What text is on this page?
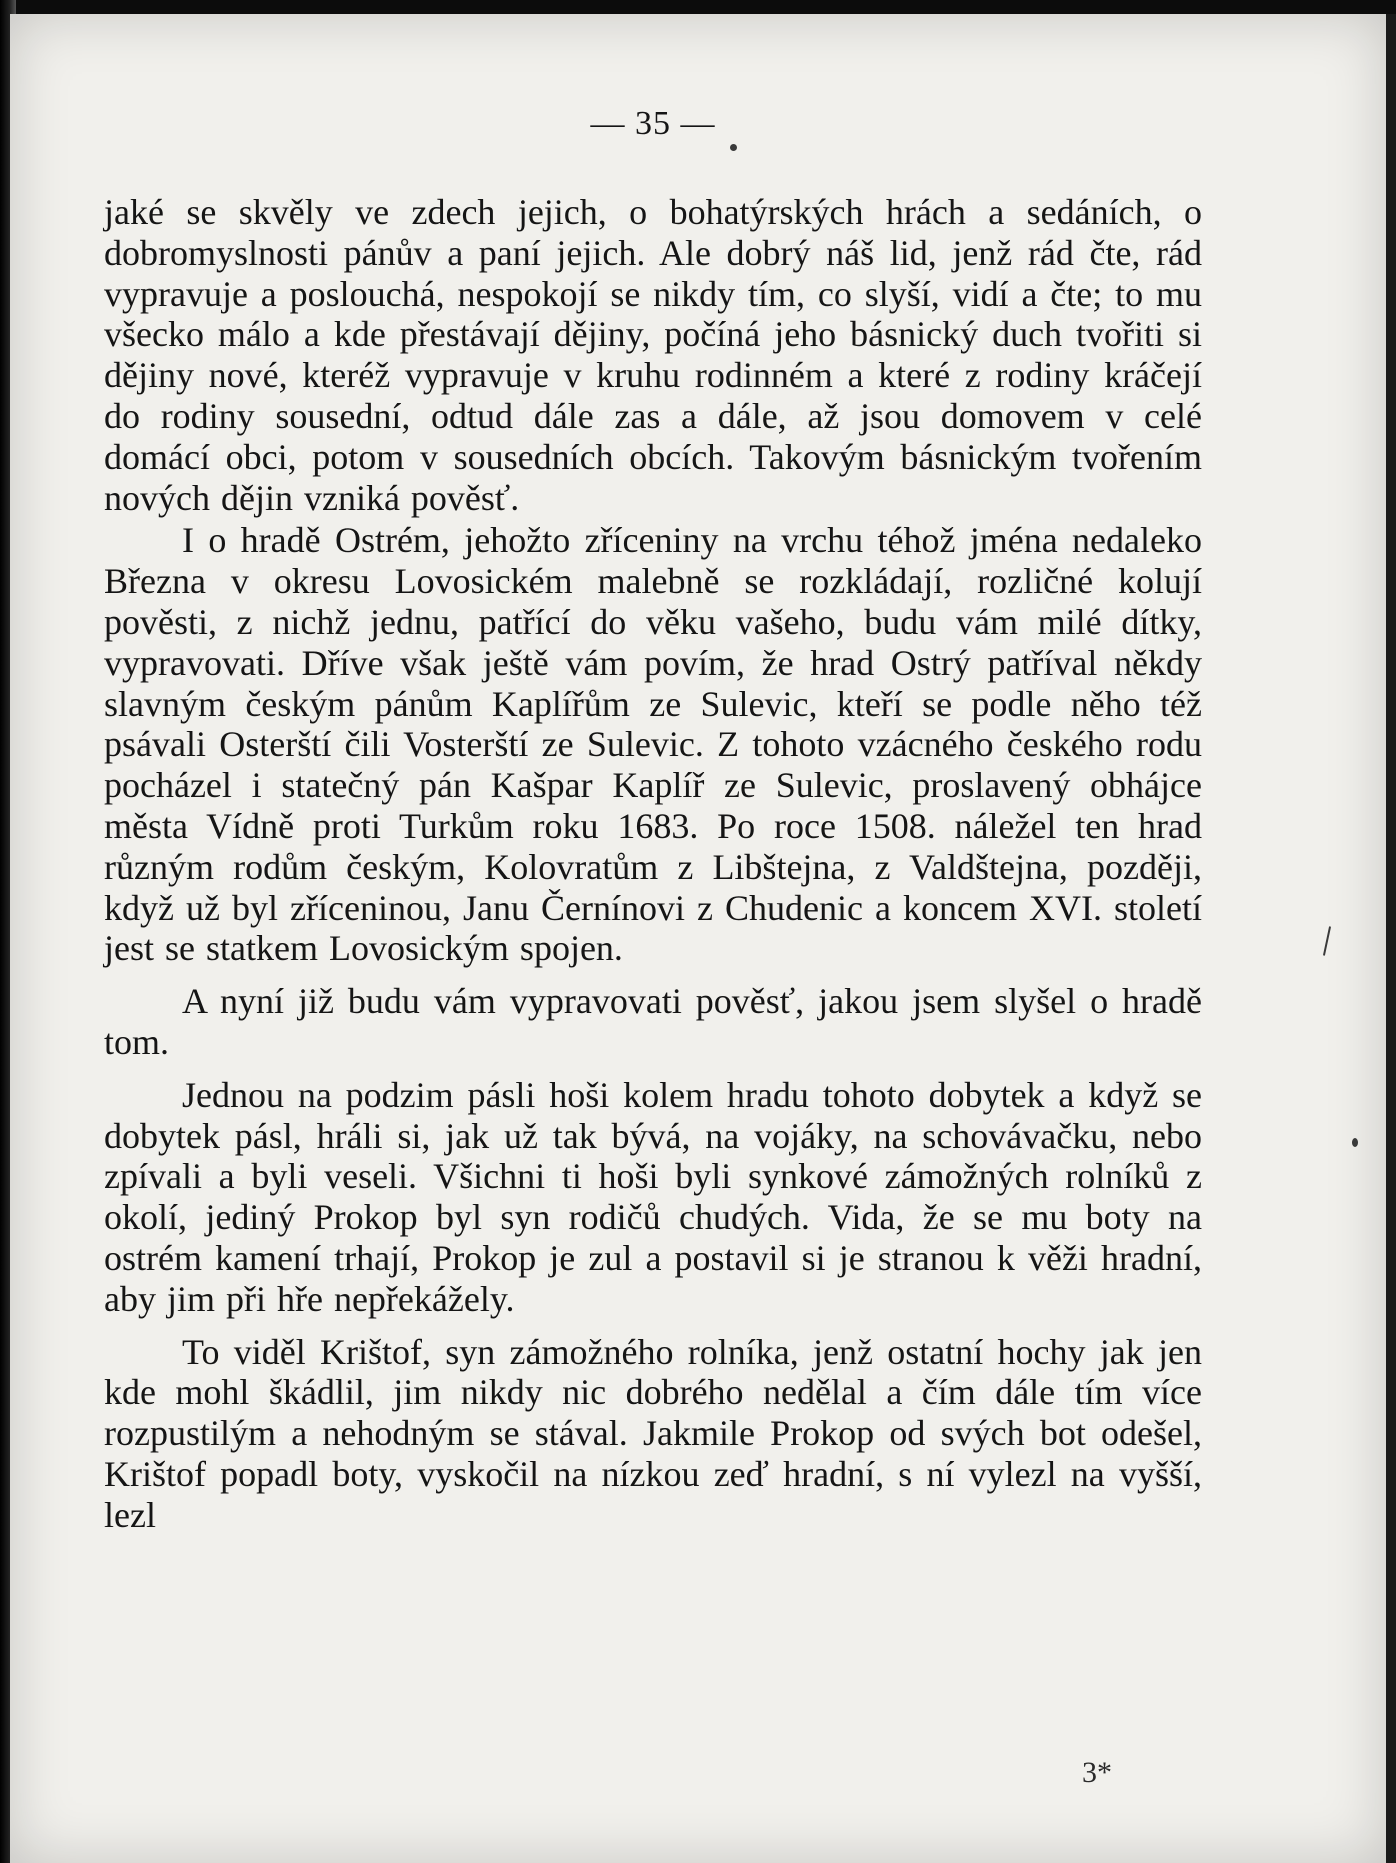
— 35 —

jaké se skvěly ve zdech jejich, o bohatýrských hrách a sedáních, o dobromyslnosti pánův a paní jejich. Ale dobrý náš lid, jenž rád čte, rád vypravuje a poslouchá, nespokojí se nikdy tím, co slyší, vidí a čte; to mu všecko málo a kde přestávají dějiny, počíná jeho básnický duch tvořiti si dějiny nové, kteréž vypravuje v kruhu rodinném a které z rodiny kráčejí do rodiny sousední, odtud dále zas a dále, až jsou domovem v celé domácí obci, potom v sousedních obcích. Takovým básnickým tvořením nových dějin vzniká pověsť.

I o hradě Ostrém, jehožto zříceniny na vrchu téhož jména nedaleko Březnа v okresu Lovosickém malebně se rozkládají, rozličné kolují pověsti, z nichž jednu, patřící do věku vašeho, budu vám milé dítky, vypravovati. Dříve však ještě vám povím, že hrad Ostrý patříval někdy slavným českým pánům Kaplířům ze Sulevic, kteří se podle něho též psávali Osterští čili Vosterští ze Sulevic. Z tohoto vzácného českého rodu pocházel i statečný pán Kašpar Kaplíř ze Sulevic, proslavený obhájce města Vídně proti Turkům roku 1683. Po roce 1508. náležel ten hrad různým rodům českým, Kolovratům z Libštejna, z Valdštejna, později, když už byl zříceninou, Janu Černínovi z Chudenic a koncem XVI. století jest se statkem Lovosickým spojen.

A nyní již budu vám vypravovati pověsť, jakou jsem slyšel o hradě tom.

Jednou na podzim pásli hoši kolem hradu tohoto dobytek a když se dobytek pásl, hráli si, jak už tak bývá, na vojáky, na schovávačku, nebo zpívali a byli veseli. Všichni ti hoši byli synkové zámožných rolníků z okolí, jediný Prokop byl syn rodičů chudých. Vida, že se mu boty na ostrém kamení trhají, Prokop je zul a postavil si je stranou k věži hradní, aby jim při hře nepřekážely.

To viděl Krištof, syn zámožného rolníka, jenž ostatní hochy jak jen kde mohl škádlil, jim nikdy nic dobrého nedělal a čím dále tím více rozpustilým a nehodným se stával. Jakmile Prokop od svých bot odešel, Krištof popadl boty, vyskočil na nízkou zeď hradní, s ní vylezl na vyšší, lezl

3*
